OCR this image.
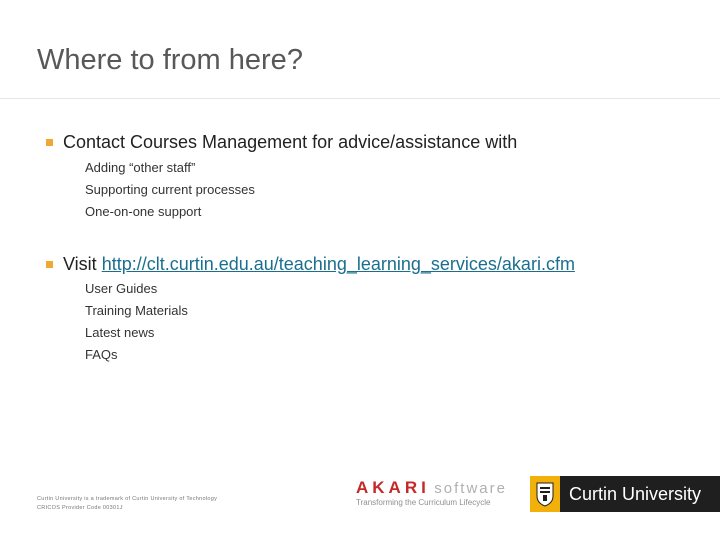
Where to from here?
Contact Courses Management for advice/assistance with
Adding “other staff”
Supporting current processes
One-on-one support
Visit http://clt.curtin.edu.au/teaching_learning_services/akari.cfm
User Guides
Training Materials
Latest news
FAQs
Curtin University is a trademark of Curtin University of Technology
CRICOS Provider Code 00301J
AKARI software
Transforming the Curriculum Lifecycle	Curtin University
